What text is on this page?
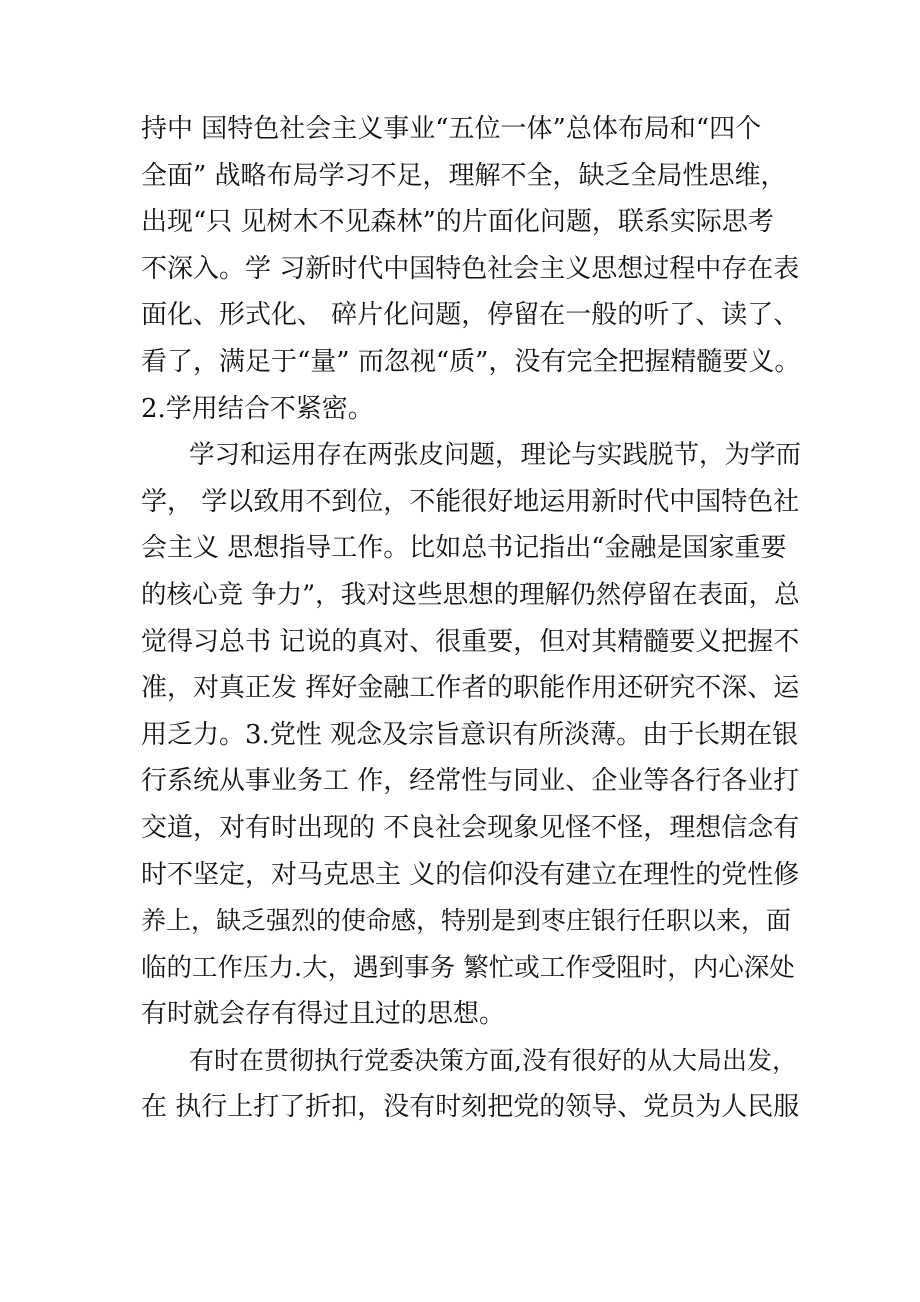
持中 国特色社会主义事业“五位一体”总体布局和“四个
全面” 战略布局学习不足，理解不全，缺乏全局性思维，
出现“只 见树木不见森林”的片面化问题，联系实际思考
不深入。学 习新时代中国特色社会主义思想过程中存在表
面化、形式化、 碎片化问题，停留在一般的听了、读了、
看了，满足于“量” 而忽视“质”，没有完全把握精髓要义。
2.学用结合不紧密。
学习和运用存在两张皮问题，理论与实践脱节，为学而
学， 学以致用不到位，不能很好地运用新时代中国特色社
会主义 思想指导工作。比如总书记指出“金融是国家重要
的核心竞 争力”，我对这些思想的理解仍然停留在表面，总
觉得习总书 记说的真对、很重要，但对其精髓要义把握不
准，对真正发 挥好金融工作者的职能作用还研究不深、运
用乏力。3.党性 观念及宗旨意识有所淡薄。由于长期在银
行系统从事业务工 作，经常性与同业、企业等各行各业打
交道，对有时出现的 不良社会现象见怪不怪，理想信念有
时不坚定，对马克思主 义的信仰没有建立在理性的党性修
养上，缺乏强烈的使命感，特别是到枣庄银行任职以来，面
临的工作压力.大，遇到事务 繁忙或工作受阻时，内心深处
有时就会存有得过且过的思想。
有时在贯彻执行党委决策方面,没有很好的从大局出发，
在 执行上打了折扣，没有时刻把党的领导、党员为人民服
